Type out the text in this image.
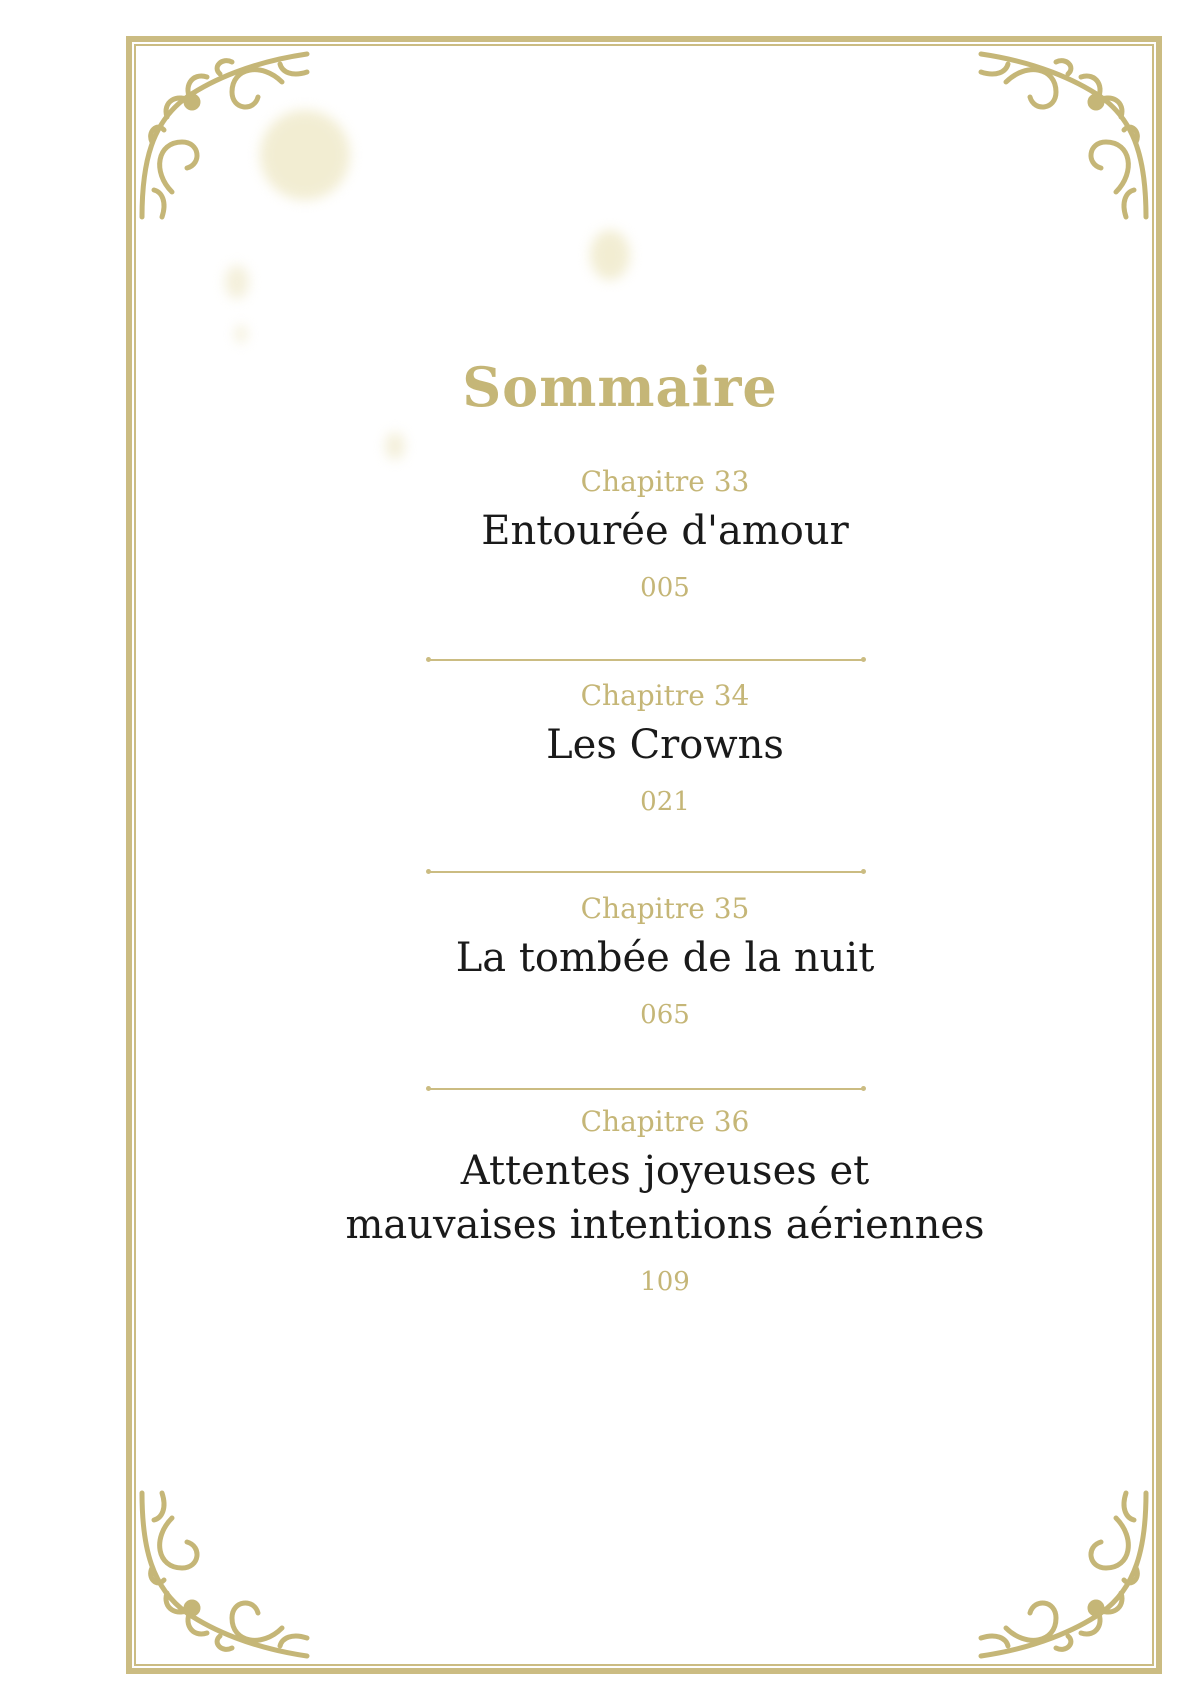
Sommaire
Chapitre 33
Entourée d'amour
005
Chapitre 34
Les Crowns
021
Chapitre 35
La tombée de la nuit
065
Chapitre 36
Attentes joyeuses et
mauvaises intentions aériennes
109
